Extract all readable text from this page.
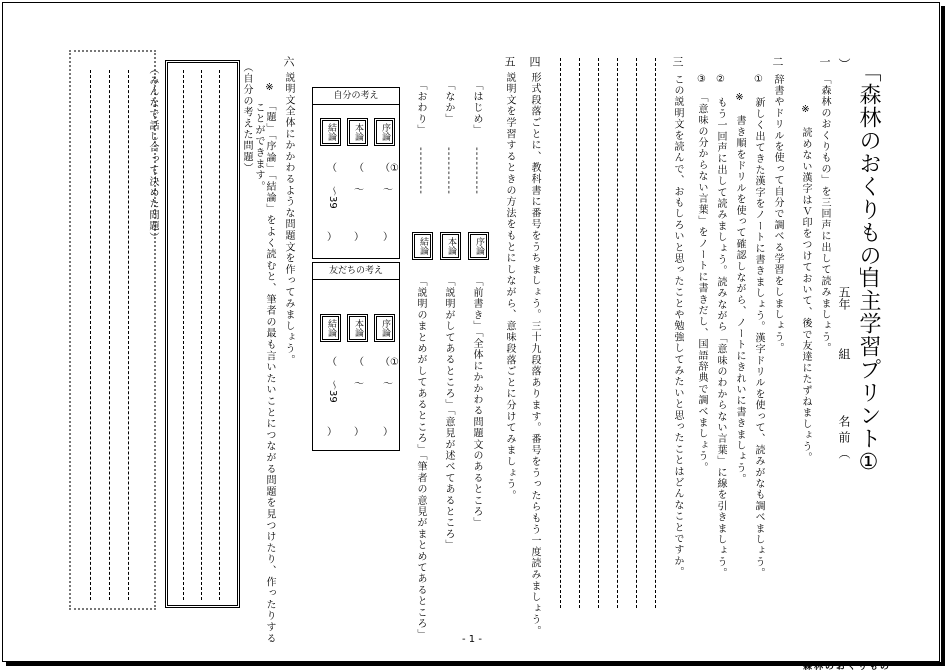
「森林のおくりもの」
自主学習プリント①
五年
組
名前
（
）
一
「森林のおくりもの」を三回声に出して読みましょう。
※　読めない漢字はＶ印をつけておいて、後で友達にたずねましょう。
二
辞書やドリルを使って自分で調べる学習をしましょう。
①　新しく出てきた漢字をノートに書きましょう。漢字ドリルを使って、読みがなも調べましょう。
※　書き順をドリルを使って確認しながら、ノートにきれいに書きましょう。
②　もう一回声に出して読みましょう。読みながら「意味のわからない言葉」に線を引きましょう。
③　「意味の分からない言葉」をノートに書きだし、国語辞典で調べましょう。
三
この説明文を読んで、おもしろいと思ったことや勉強してみたいと思ったことはどんなことですか。
四
形式段落ごとに、教科書に番号をうちましょう。三十九段落あります。番号をうったらもう一度読みましょう。
五
説明文を学習するときの方法をもとにしながら、意味段落ごとに分けてみましょう。
序論
本論
結論
「はじめ」
‐‐‐‐‐‐‐‐‐‐
「前書き」「全体にかかわる問題文のあるところ」
「なか」
‐‐‐‐‐‐‐‐‐‐
「説明がしてあるところ」「意見が述べてあるところ」
「おわり」
‐‐‐‐‐‐‐‐‐‐
「説明のまとめがしてあるところ」「筆者の意見がまとめてあるところ」
自分の考え
序論
本論
結論
（①
～
）
（
～
）
（
～39
）
友だちの考え
序論
本論
結論
（①
～
）
（
～
）
（
～39
）
六
説明文全体にかかわるような問題文を作ってみましょう。
※　「題」「序論」「結論」をよく読むと、筆者の最も言いたいことにつながる問題を見つけたり、作ったりする
ことができます。
（自分の考えた問題）
（みんなで話し合って決めた問題）
- 1 -
森林のおくりもの
